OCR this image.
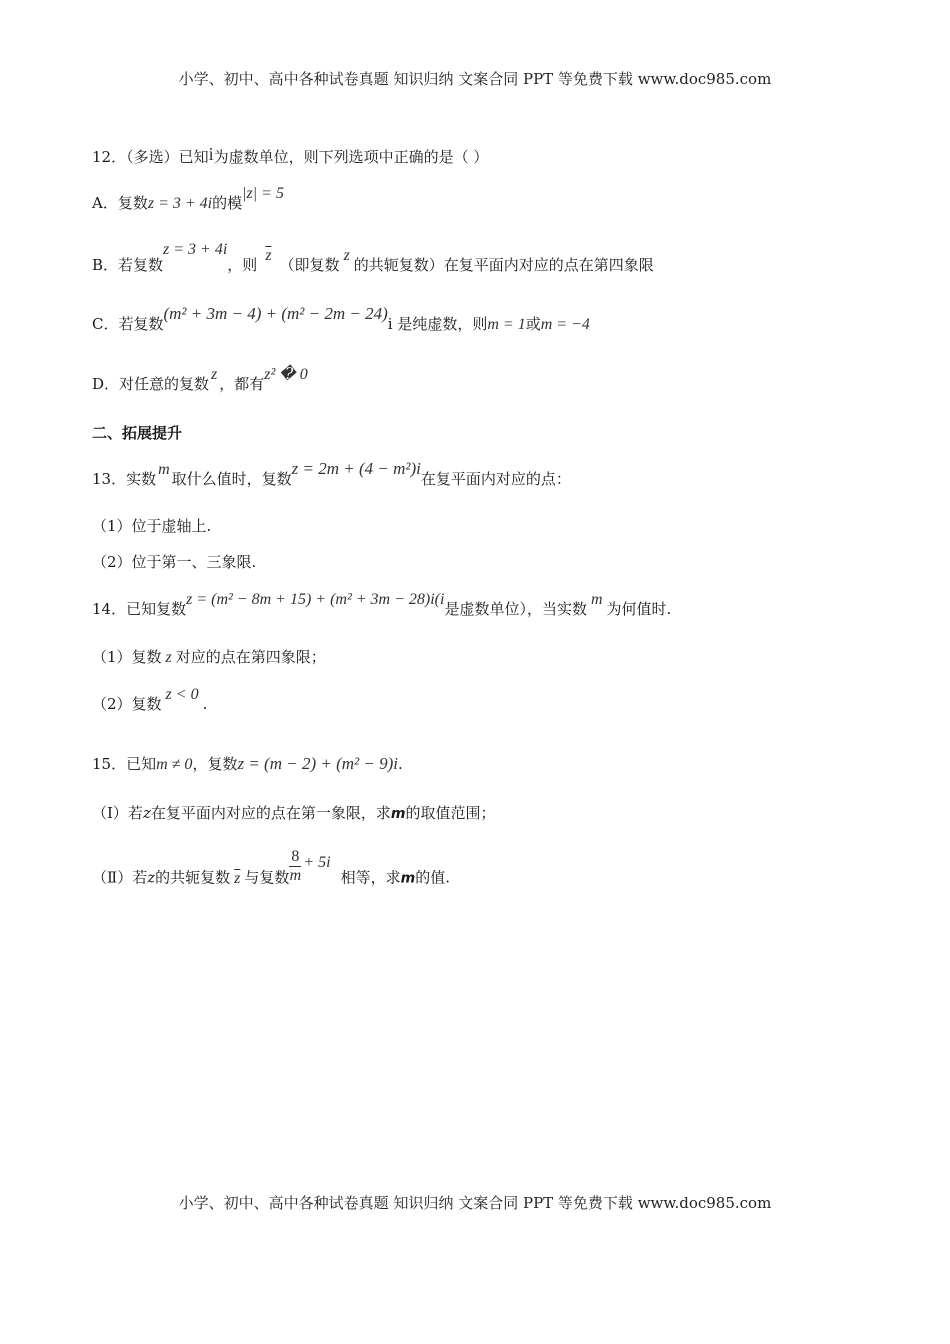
小学、初中、高中各种试卷真题 知识归纳 文案合同 PPT 等免费下载 www.doc985.com
12．（多选）已知i为虚数单位，则下列选项中正确的是（ ）
A．复数z = 3 + 4i的模|z| = 5
B．若复数z = 3 + 4i，则$\overline{z}$（即复数z的共轭复数）在复平面内对应的点在第四象限
C．若复数(m² + 3m − 4) + (m² − 2m − 24)i 是纯虚数，则m = 1或m = −4
D．对任意的复数z，都有z² � 0
二、拓展提升
13．实数m取什么值时，复数z = 2m + (4 − m²)i在复平面内对应的点：
（1）位于虚轴上.
（2）位于第一、三象限.
14．已知复数z = (m² − 8m + 15) + (m² + 3m − 28)i(i是虚数单位），当实数m为何值时.
（1）复数 z 对应的点在第四象限；
（2）复数z < 0.
15．已知m ≠ 0，复数z = (m − 2) + (m² − 9)i.
（Ⅰ）若z在复平面内对应的点在第一象限，求m的取值范围；
（Ⅱ）若z的共轭复数 $\overline{z}$ 与复数 $\frac{8}{m} + 5i$相等，求m的值.
小学、初中、高中各种试卷真题 知识归纳 文案合同 PPT 等免费下载 www.doc985.com
